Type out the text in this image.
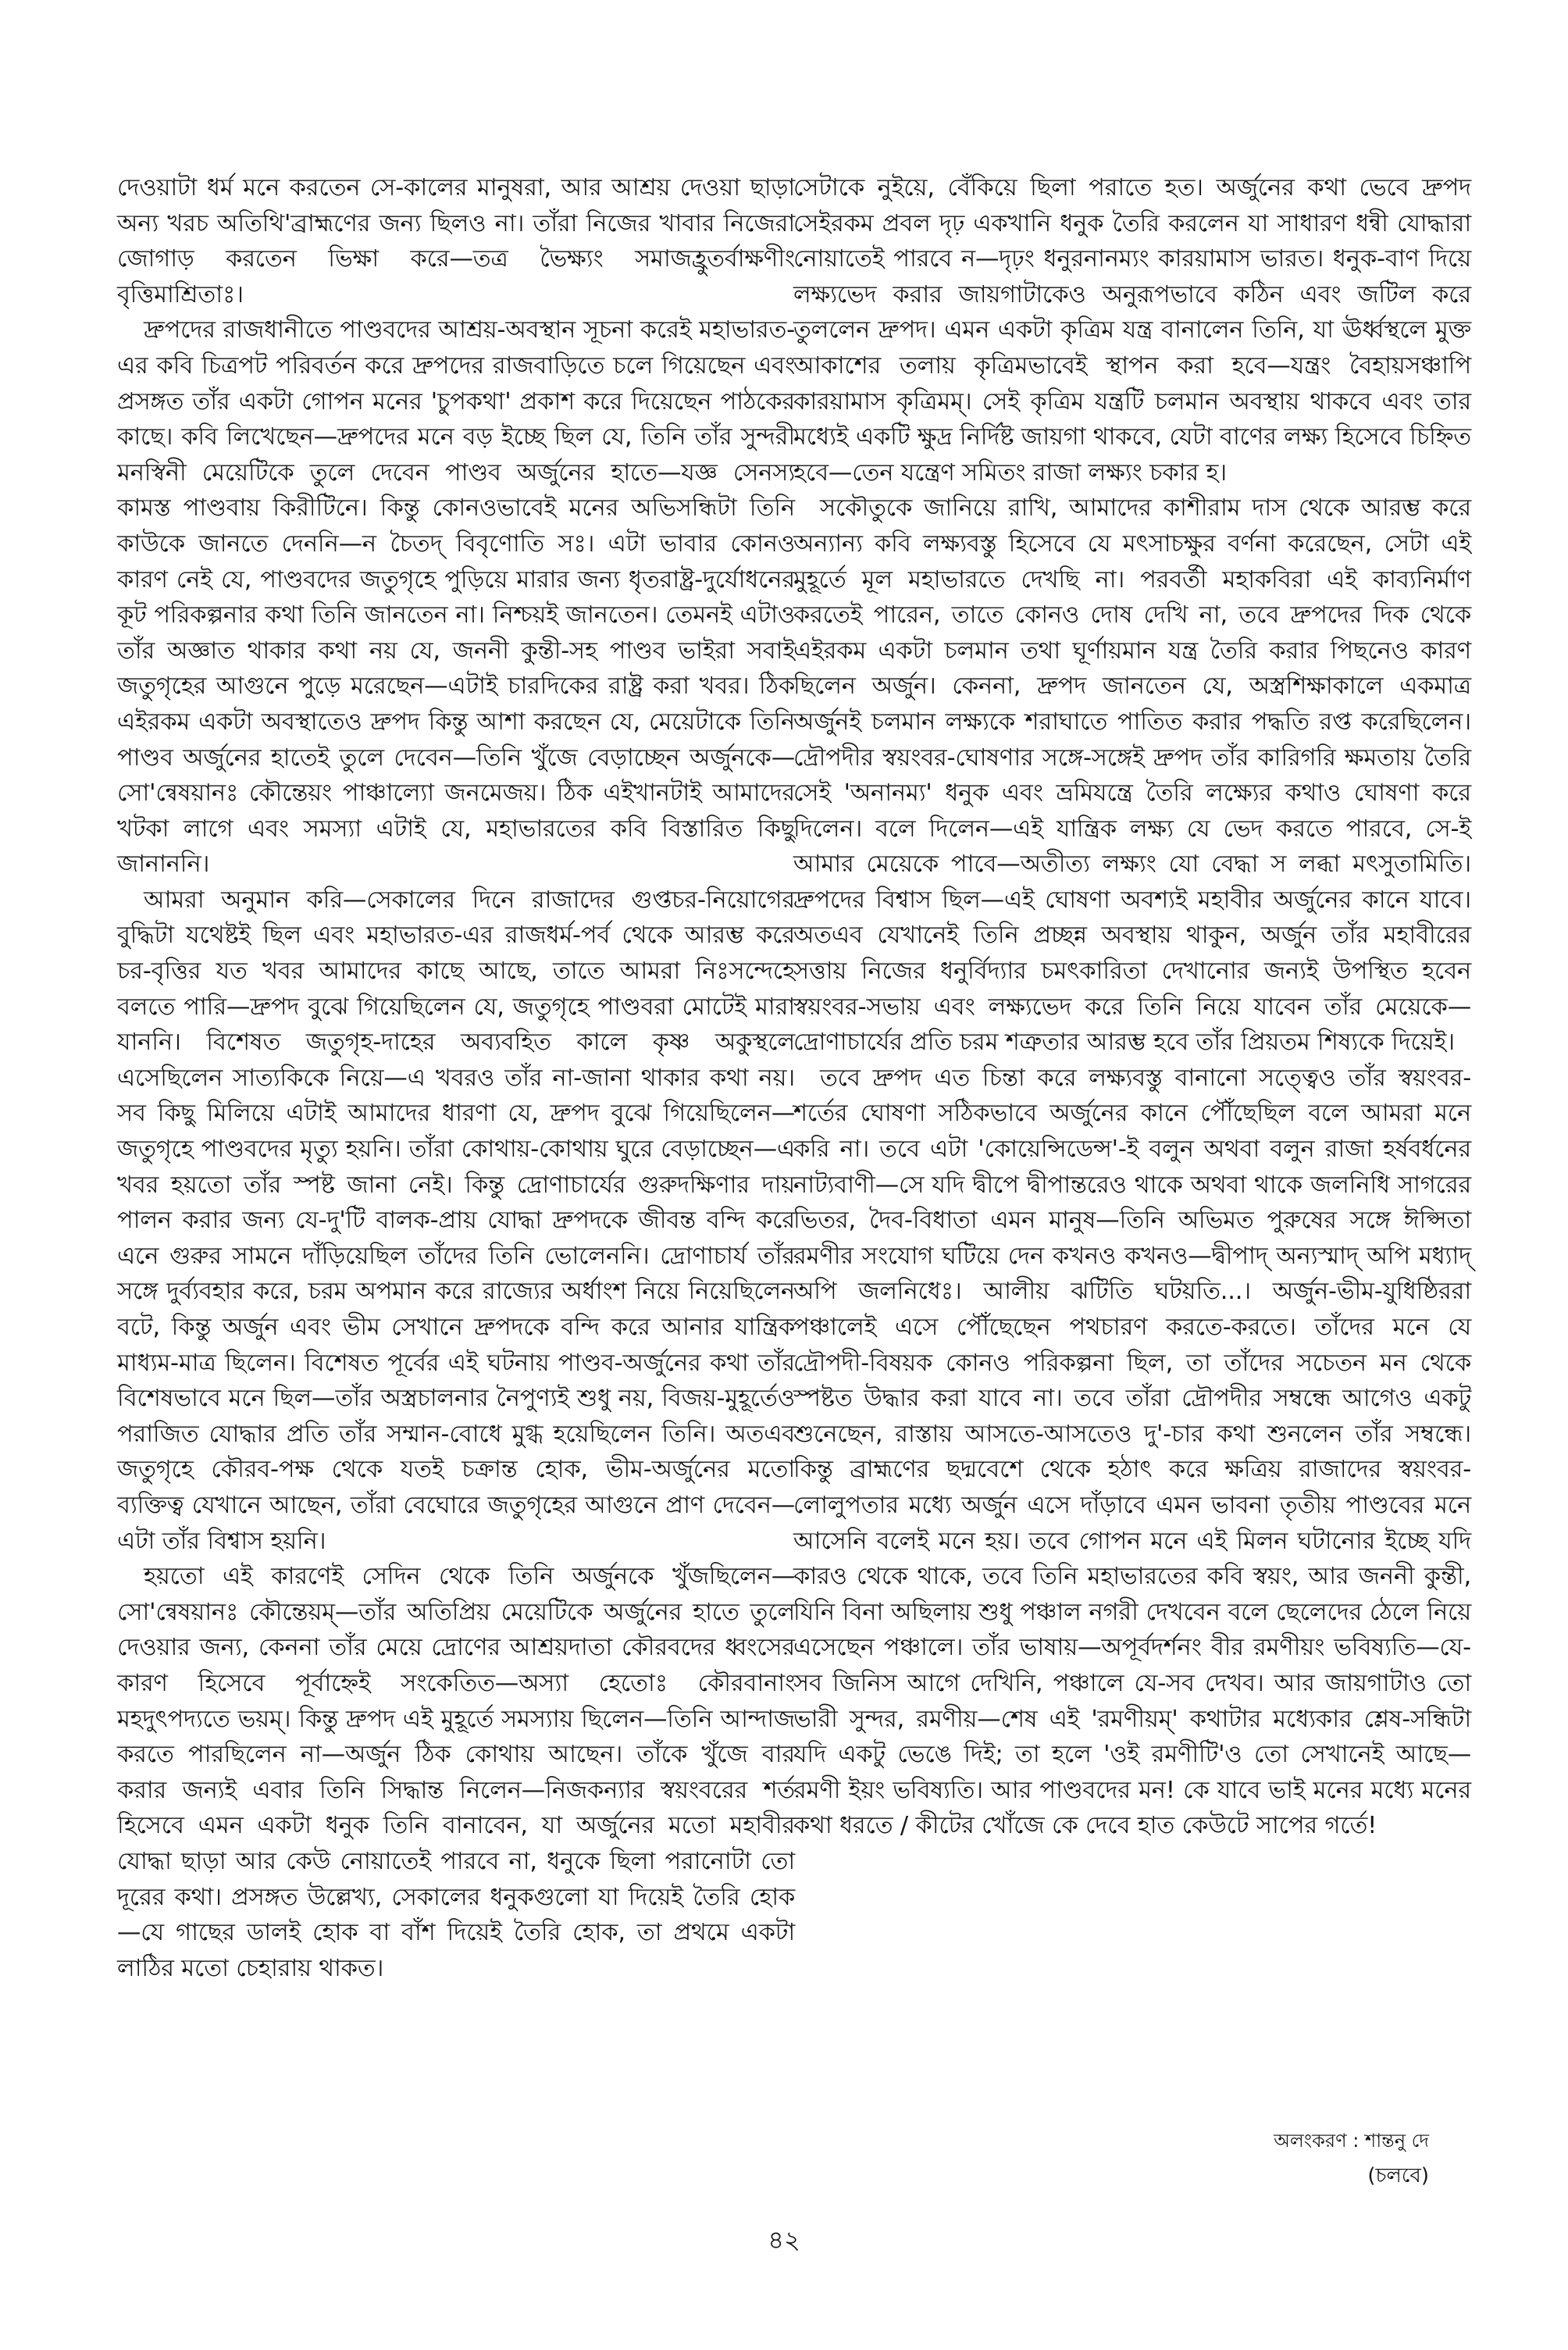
দেওয়াটা ধর্ম মনে করতেন সে-কালের মানুষরা, আর আশ্রয় দেওয়া ছাড়া অন্য খরচ অতিথি'ব্রাহ্মণের জন্য ছিলও না। তাঁরা নিজের খাবার নিজেরা জোগাড় করতেন ভিক্ষা করে—তত্র ভৈক্ষ্যং সমাজহ্রুতর্বাক্ষণীং বৃত্তিমাশ্রিতাঃ।

দ্রুপদের রাজধানীতে পাণ্ডবদের আশ্রয়-অবস্থান সূচনা করেই মহাভারত-এর কবি চিত্রপট পরিবর্তন করে দ্রুপদের রাজবাড়িতে চলে গিয়েছেন এবং প্রসঙ্গত তাঁর একটা গোপন মনের 'চুপকথা' প্রকাশ করে দিয়েছেন পাঠকের কাছে। কবি লিখেছেন—দ্রুপদের মনে বড় ইচ্ছে ছিল যে, তিনি তাঁর সুন্দরী মনস্বিনী মেয়েটিকে তুলে দেবেন পাণ্ডব অর্জুনের হাতে—যজ্ঞ সেনস্য কামস্ত পাণ্ডবায় কিরীটিনে। কিন্তু কোনওভাবেই মনের অভিসন্ধিটা তিনি কাউকে জানতে দেননি—ন চৈতদ্ বিবৃণোতি সঃ। এটা ভাবার কোনও কারণ নেই যে, পাণ্ডবদের জতুগৃহে পুড়িয়ে মারার জন্য ধৃতরাষ্ট্র-দুর্যোধনের কূট পরিকল্পনার কথা তিনি জানতেন না। নিশ্চয়ই জানতেন। তেমনই এটাও তাঁর অজ্ঞাত থাকার কথা নয় যে, জননী কুন্তী-সহ পাণ্ডব ভাইরা সবাই জতুগৃহের আগুনে পুড়ে মরেছেন—এটাই চারদিকের রাষ্ট্র করা খবর। ঠিক এইরকম একটা অবস্থাতেও দ্রুপদ কিন্তু আশা করছেন যে, মেয়েটাকে তিনি পাণ্ডব অর্জুনের হাতেই তুলে দেবেন—তিনি খুঁজে বেড়াচ্ছেন অর্জুনকে—সো'ন্বেষয়ানঃ কৌন্তেয়ং পাঞ্চাল্যো জনমেজয়। ঠিক এইখানটাই আমাদের খটকা লাগে এবং সমস্যা এটাই যে, মহাভারতের কবি বিস্তারিত কিছু জানাননি।

আমরা অনুমান করি—সেকালের দিনে রাজাদের গুপ্তচর-নিয়োগের বুদ্ধিটা যথেষ্টই ছিল এবং মহাভারত-এর রাজধর্ম-পর্ব থেকে আরম্ভ করে চর-বৃত্তির যত খবর আমাদের কাছে আছে, তাতে আমরা নিঃসন্দেহে বলতে পারি—দ্রুপদ বুঝে গিয়েছিলেন যে, জতুগৃহে পাণ্ডবরা মোটেই মারা যাননি। বিশেষত জতুগৃহ-দাহের অব্যবহিত কালে কৃষ্ণ অকুস্থলে এসেছিলেন সাত্যকিকে নিয়ে—এ খবরও তাঁর না-জানা থাকার কথা নয়। সব কিছু মিলিয়ে এটাই আমাদের ধারণা যে, দ্রুপদ বুঝে গিয়েছিলেন—জতুগৃহে পাণ্ডবদের মৃত্যু হয়নি। তাঁরা কোথায়-কোথায় ঘুরে বেড়াচ্ছেন—এ খবর হয়তো তাঁর স্পষ্ট জানা নেই। কিন্তু দ্রোণাচার্যের গুরুদক্ষিণার দায় পালন করার জন্য যে-দু'টি বালক-প্রায় যোদ্ধা দ্রুপদকে জীবন্ত বন্দি করে এনে গুরুর সামনে দাঁড়িয়েছিল তাঁদের তিনি ভোলেননি। দ্রোণাচার্য তাঁর সঙ্গে দুর্ব্যবহার করে, চরম অপমান করে রাজ্যের অর্ধাংশ নিয়ে নিয়েছিলেন বটে, কিন্তু অর্জুন এবং ভীম সেখানে দ্রুপদকে বন্দি করে আনার যান্ত্রিক মাধ্যম-মাত্র ছিলেন। বিশেষত পূর্বের এই ঘটনায় পাণ্ডব-অর্জুনের কথা তাঁর বিশেষভাবে মনে ছিল—তাঁর অস্ত্রচালনার নৈপুণ্যই শুধু নয়, বিজয়-মুহূর্তেও পরাজিত যোদ্ধার প্রতি তাঁর সম্মান-বোধে মুগ্ধ হয়েছিলেন তিনি। অতএব জতুগৃহে কৌরব-পক্ষ থেকে যতই চক্রান্ত হোক, ভীম-অর্জুনের মতো ব্যক্তিত্ব যেখানে আছেন, তাঁরা বেঘোরে জতুগৃহের আগুনে প্রাণ দেবেন—এটা তাঁর বিশ্বাস হয়নি।

হয়তো এই কারণেই সেদিন থেকে তিনি অর্জুনকে খুঁজছিলেন—সো'ন্বেষয়ানঃ কৌন্তেয়ম্—তাঁর অতিপ্রিয় মেয়েটিকে অর্জুনের হাতে তুলে দেওয়ার জন্য, কেননা তাঁর মেয়ে দ্রোণের আশ্রয়দাতা কৌরবদের ধ্বংসের কারণ হিসেবে পূর্বাহ্নেই সংকেতিত—অস্যা হেতোঃ কৌরবানাং মহদুৎপদ্যতে ভয়ম্। কিন্তু দ্রুপদ এই মুহূর্তে সমস্যায় ছিলেন—তিনি আন্দাজ করতে পারছিলেন না—অর্জুন ঠিক কোথায় আছেন। তাঁকে খুঁজে বার করার জন্যই এবার তিনি সিদ্ধান্ত নিলেন—নিজকন্যার স্বয়ংবরের শর্ত হিসেবে এমন একটা ধনুক তিনি বানাবেন, যা অর্জুনের মতো মহাবীর যোদ্ধা ছাড়া আর কেউ নোয়াতেই পারবে না, ধনুকে ছিলা পরানোটা তো দূরের কথা। প্রসঙ্গত উল্লেখ্য, সেকালের ধনুকগুলো যা দিয়েই তৈরি হোক—যে গাছের ডালই হোক বা বাঁশ দিয়েই তৈরি হোক, তা প্রথমে একটা লাঠির মতো চেহারায় থাকত।

সেটাকে নুইয়ে, বেঁকিয়ে ছিলা পরাতে হত। অর্জুনের কথা ভেবে দ্রুপদ সেইরকম প্রবল দৃঢ় একখানি ধনুক তৈরি করলেন যা সাধারণ ধন্বী যোদ্ধারা নোয়াতেই পারবে ন—দৃঢ়ং ধনুরনানম্যং কারয়ামাস ভারত। ধনুক-বাণ দিয়ে লক্ষ্যভেদ করার জায়গাটাকেও অনুরূপভাবে কঠিন এবং জটিল করে তুললেন দ্রুপদ। এমন একটা কৃত্রিম যন্ত্র বানালেন তিনি, যা ঊর্ধ্বস্থলে মুক্ত আকাশের তলায় কৃত্রিমভাবেই স্থাপন করা হবে—যন্ত্রং বৈহায়সঞ্চাপি কারয়ামাস কৃত্রিমম্। সেই কৃত্রিম যন্ত্রটি চলমান অবস্থায় থাকবে এবং তার মধ্যেই একটি ক্ষুদ্র নির্দিষ্ট জায়গা থাকবে, যেটা বাণের লক্ষ্য হিসেবে চিহ্নিত হবে—তেন যন্ত্রেণ সমিতং রাজা লক্ষ্যং চকার হ।

সকৌতুকে জানিয়ে রাখি, আমাদের কাশীরাম দাস থেকে আরম্ভ করে অন্যান্য কবি লক্ষ্যবস্তু হিসেবে যে মৎসাচক্ষুর বর্ণনা করেছেন, সেটা এই মুহূর্তে মূল মহাভারতে দেখছি না। পরবর্তী মহাকবিরা এই কাব্যনির্মাণ করতেই পারেন, তাতে কোনও দোষ দেখি না, তবে দ্রুপদের দিক থেকে এইরকম একটা চলমান তথা ঘূর্ণায়মান যন্ত্র তৈরি করার পিছনেও কারণ ছিলেন অর্জুন। কেননা, দ্রুপদ জানতেন যে, অস্ত্রশিক্ষাকালে একমাত্র অর্জুনই চলমান লক্ষ্যকে শরাঘাতে পাতিত করার পদ্ধতি রপ্ত করেছিলেন। দ্রৌপদীর স্বয়ংবর-ঘোষণার সঙ্গে-সঙ্গেই দ্রুপদ তাঁর কারিগরি ক্ষমতায় তৈরি সেই 'অনানম্য' ধনুক এবং ভ্রমিযন্ত্রে তৈরি লক্ষ্যের কথাও ঘোষণা করে দিলেন। বলে দিলেন—এই যান্ত্রিক লক্ষ্য যে ভেদ করতে পারবে, সে-ই আমার মেয়েকে পাবে—অতীত্য লক্ষ্যং যো বেদ্ধা স লব্ধা মৎসুতামিতি। দ্রুপদের বিশ্বাস ছিল—এই ঘোষণা অবশ্যই মহাবীর অর্জুনের কানে যাবে। অতএব যেখানেই তিনি প্রচ্ছন্ন অবস্থায় থাকুন, অর্জুন তাঁর মহাবীরের সত্তায় নিজের ধনুর্বিদ্যার চমৎকারিতা দেখানোর জন্যই উপস্থিত হবেন স্বয়ংবর-সভায় এবং লক্ষ্যভেদ করে তিনি নিয়ে যাবেন তাঁর মেয়েকে—দ্রোণাচার্যের প্রতি চরম শত্রুতার আরম্ভ হবে তাঁর প্রিয়তম শিষ্যকে দিয়েই।

তবে দ্রুপদ এত চিন্তা করে লক্ষ্যবস্তু বানানো সত্ত্বেও তাঁর স্বয়ংবর-শর্তের ঘোষণা সঠিকভাবে অর্জুনের কানে পৌঁছেছিল বলে আমরা মনে করি না। তবে এটা 'কোয়েন্সিডেন্স'-ই বলুন অথবা বলুন রাজা হর্ষবর্ধনের নাট্যবাণী—সে যদি দ্বীপে দ্বীপান্তরেও থাকে অথবা থাকে জলনিধি সাগরের ভিতর, দৈব-বিধাতা এমন মানুষ—তিনি অভিমত পুরুষের সঙ্গে ঈপ্সিতা রমণীর সংযোগ ঘটিয়ে দেন কখনও কখনও—দ্বীপাদ্ অন্যস্মাদ্ অপি মধ্যাদ্ অপি জলনিধেঃ। আলীয় ঝটিতি ঘটয়তি...। অর্জুন-ভীম-যুধিষ্ঠিররা পঞ্চালেই এসে পৌঁছেছেন পথচারণ করতে-করতে। তাঁদের মনে যে দ্রৌপদী-বিষয়ক কোনও পরিকল্পনা ছিল, তা তাঁদের সচেতন মন থেকে স্পষ্টত উদ্ধার করা যাবে না। তবে তাঁরা দ্রৌপদীর সম্বন্ধে আগেও একটু শুনেছেন, রাস্তায় আসতে-আসতেও দু'-চার কথা শুনলেন তাঁর সম্বন্ধে। কিন্তু ব্রাহ্মণের ছদ্মবেশে থেকে হঠাৎ করে ক্ষত্রিয় রাজাদের স্বয়ংবর-লোলুপতার মধ্যে অর্জুন এসে দাঁড়াবে এমন ভাবনা তৃতীয় পাণ্ডবের মনে আসেনি বলেই মনে হয়। তবে গোপন মনে এই মিলন ঘটানোর ইচ্ছে যদি কারও থেকে থাকে, তবে তিনি মহাভারতের কবি স্বয়ং, আর জননী কুন্তী, যিনি বিনা অছিলায় শুধু পঞ্চাল নগরী দেখবেন বলে ছেলেদের ঠেলে নিয়ে এসেছেন পঞ্চালে। তাঁর ভাষায়—অপূর্বদর্শনং বীর রমণীয়ং ভবিষ্যতি—যে-সব জিনিস আগে দেখিনি, পঞ্চালে যে-সব দেখব। আর জায়গাটাও তো ভারী সুন্দর, রমণীয়—শেষ এই 'রমণীয়ম্' কথাটার মধ্যেকার শ্লেষ-সন্ধিটা যদি একটু ভেঙে দিই; তা হলে 'ওই রমণীটি'ও তো সেখানেই আছে—রমণী ইয়ং ভবিষ্যতি। আর পাণ্ডবদের মন! কে যাবে ভাই মনের মধ্যে মনের কথা ধরতে / কীটের খোঁজে কে দেবে হাত কেউটে সাপের গর্তে!

অলংকরণ : শান্তনু দে
(চলবে)
৪২
